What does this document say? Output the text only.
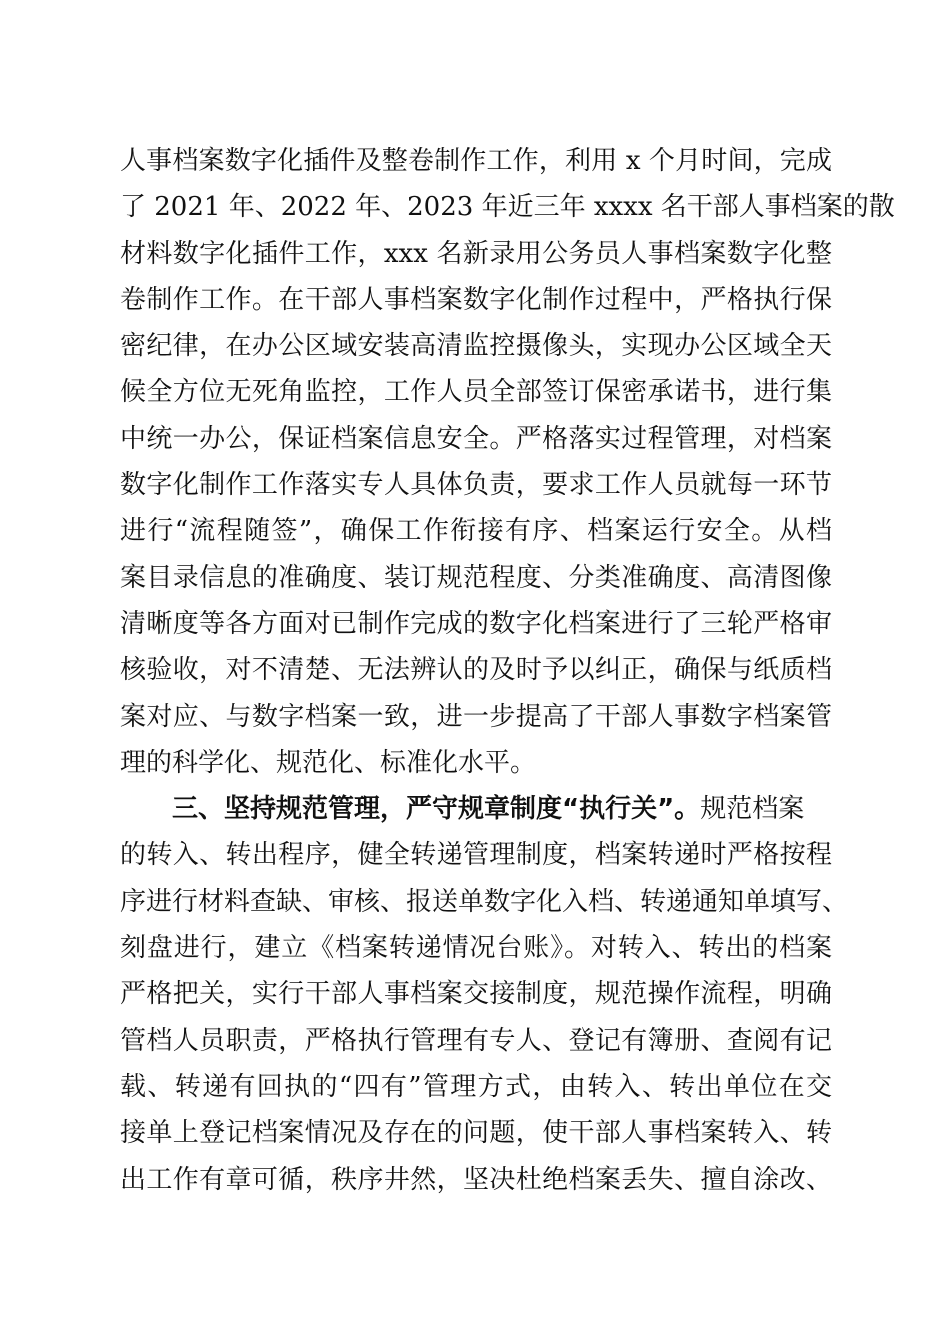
人事档案数字化插件及整卷制作工作，利用 x 个月时间，完成
了 2021 年、2022 年、2023 年近三年 xxxx 名干部人事档案的散
材料数字化插件工作，xxx 名新录用公务员人事档案数字化整
卷制作工作。在干部人事档案数字化制作过程中，严格执行保
密纪律，在办公区域安装高清监控摄像头，实现办公区域全天
候全方位无死角监控，工作人员全部签订保密承诺书，进行集
中统一办公，保证档案信息安全。严格落实过程管理，对档案
数字化制作工作落实专人具体负责，要求工作人员就每一环节
进行“流程随签”，确保工作衔接有序、档案运行安全。从档
案目录信息的准确度、装订规范程度、分类准确度、高清图像
清晰度等各方面对已制作完成的数字化档案进行了三轮严格审
核验收，对不清楚、无法辨认的及时予以纠正，确保与纸质档
案对应、与数字档案一致，进一步提高了干部人事数字档案管
理的科学化、规范化、标准化水平。
三、坚持规范管理，严守规章制度“执行关”。规范档案
的转入、转出程序，健全转递管理制度，档案转递时严格按程
序进行材料查缺、审核、报送单数字化入档、转递通知单填写、
刻盘进行，建立《档案转递情况台账》。对转入、转出的档案
严格把关，实行干部人事档案交接制度，规范操作流程，明确
管档人员职责，严格执行管理有专人、登记有簿册、查阅有记
载、转递有回执的“四有”管理方式，由转入、转出单位在交
接单上登记档案情况及存在的问题，使干部人事档案转入、转
出工作有章可循，秩序井然，坚决杜绝档案丢失、擅自涂改、
